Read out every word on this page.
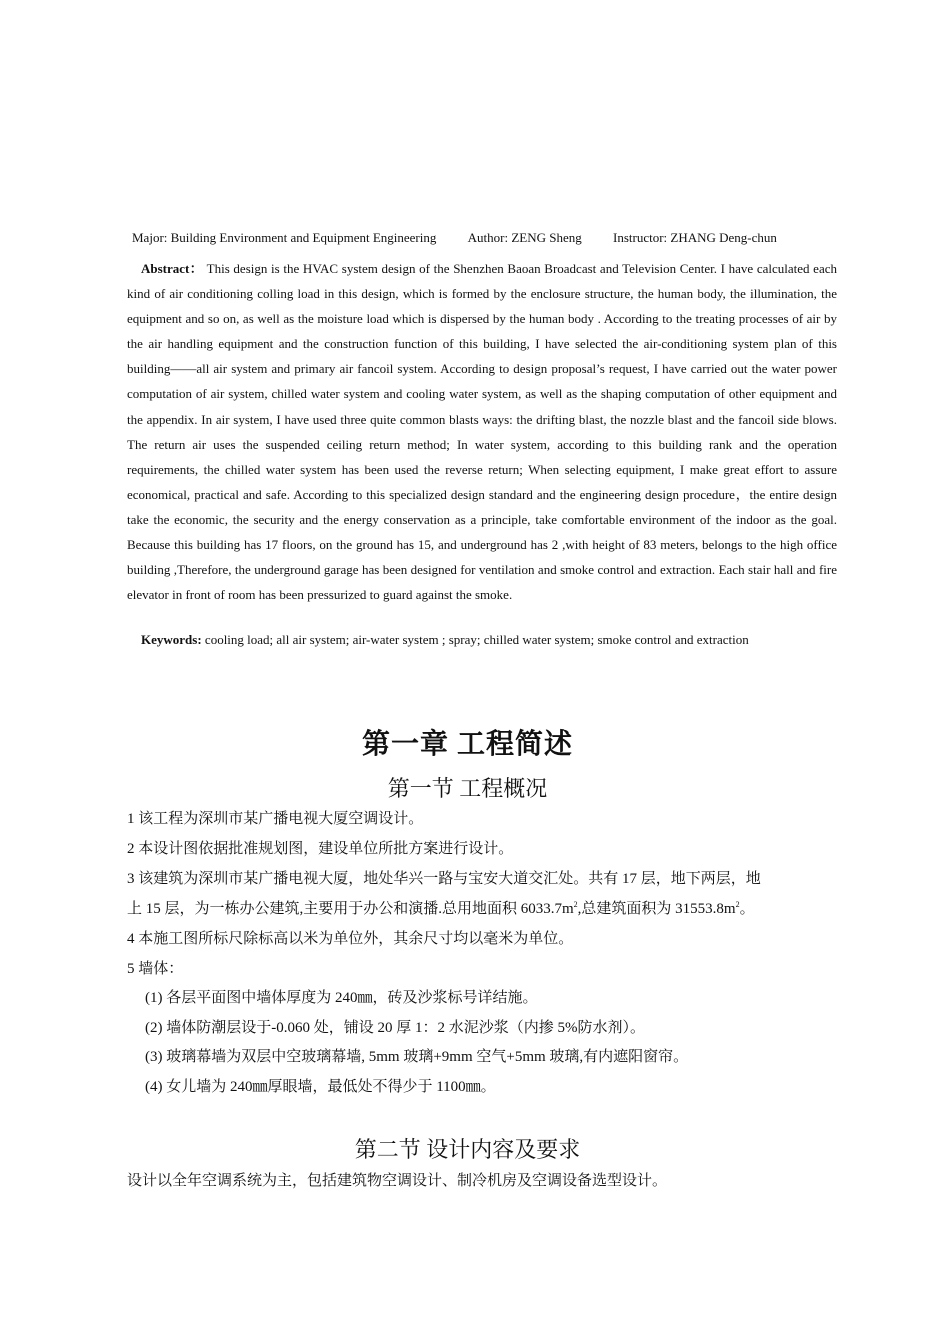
Major: Building Environment and Equipment Engineering Author: ZENG Sheng Instructor: ZHANG Deng-chun

Abstract： This design is the HVAC system design of the Shenzhen Baoan Broadcast and Television Center. I have calculated each kind of air conditioning colling load in this design, which is formed by the enclosure structure, the human body, the illumination, the equipment and so on, as well as the moisture load which is dispersed by the human body . According to the treating processes of air by the air handling equipment and the construction function of this building, I have selected the air-conditioning system plan of this building——all air system and primary air fancoil system. According to design proposal’s request, I have carried out the water power computation of air system, chilled water system and cooling water system, as well as the shaping computation of other equipment and the appendix. In air system, I have used three quite common blasts ways: the drifting blast, the nozzle blast and the fancoil side blows. The return air uses the suspended ceiling return method; In water system, according to this building rank and the operation requirements, the chilled water system has been used the reverse return; When selecting equipment, I make great effort to assure economical, practical and safe. According to this specialized design standard and the engineering design procedure，the entire design take the economic, the security and the energy conservation as a principle, take comfortable environment of the indoor as the goal. Because this building has 17 floors, on the ground has 15, and underground has 2 ,with height of 83 meters, belongs to the high office building ,Therefore, the underground garage has been designed for ventilation and smoke control and extraction. Each stair hall and fire elevator in front of room has been pressurized to guard against the smoke.

Keywords: cooling load; all air system; air-water system ; spray; chilled water system; smoke control and extraction

第一章 工程简述
第一节 工程概况

1 该工程为深圳市某广播电视大厦空调设计。

2 本设计图依据批准规划图，建设单位所批方案进行设计。

3 该建筑为深圳市某广播电视大厦，地处华兴一路与宝安大道交汇处。共有 17 层，地下两层，地

上 15 层，为一栋办公建筑,主要用于办公和演播.总用地面积 $6033.7m^2$,总建筑面积为 $31553.8m^2$。

4 本施工图所标尺除标高以米为单位外，其余尺寸均以毫米为单位。

5 墙体：

(1) 各层平面图中墙体厚度为 240㎜，砖及沙浆标号详结施。

(2) 墙体防潮层设于-0.060 处，铺设 20 厚 1：2 水泥沙浆（内掺 5%防水剂）。

(3) 玻璃幕墙为双层中空玻璃幕墙, 5mm 玻璃+9mm 空气+5mm 玻璃,有内遮阳窗帘。

(4) 女儿墙为 240㎜厚眼墙，最低处不得少于 1100㎜。

第二节 设计内容及要求

设计以全年空调系统为主，包括建筑物空调设计、制冷机房及空调设备选型设计。
